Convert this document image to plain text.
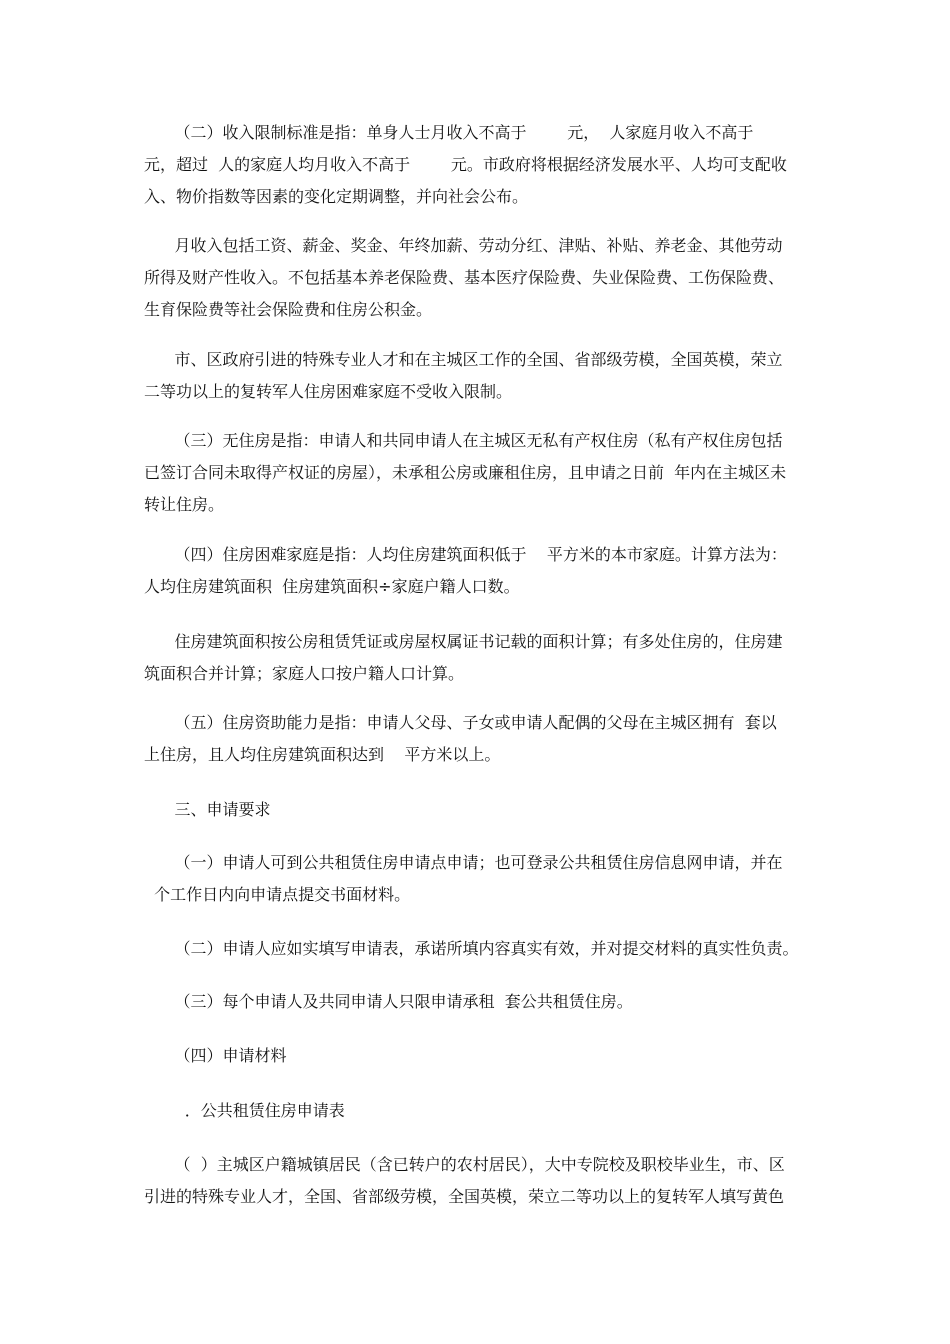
（二）收入限制标准是指：单身人士月收入不高于        元，  人家庭月收入不高于
元，超过  人的家庭人均月收入不高于        元。市政府将根据经济发展水平、人均可支配收
入、物价指数等因素的变化定期调整，并向社会公布。
月收入包括工资、薪金、奖金、年终加薪、劳动分红、津贴、补贴、养老金、其他劳动
所得及财产性收入。不包括基本养老保险费、基本医疗保险费、失业保险费、工伤保险费、
生育保险费等社会保险费和住房公积金。
市、区政府引进的特殊专业人才和在主城区工作的全国、省部级劳模，全国英模，荣立
二等功以上的复转军人住房困难家庭不受收入限制。
（三）无住房是指：申请人和共同申请人在主城区无私有产权住房（私有产权住房包括
已签订合同未取得产权证的房屋），未承租公房或廉租住房，且申请之日前  年内在主城区未
转让住房。
（四）住房困难家庭是指：人均住房建筑面积低于    平方米的本市家庭。计算方法为：
人均住房建筑面积  住房建筑面积÷家庭户籍人口数。
住房建筑面积按公房租赁凭证或房屋权属证书记载的面积计算；有多处住房的，住房建
筑面积合并计算；家庭人口按户籍人口计算。
（五）住房资助能力是指：申请人父母、子女或申请人配偶的父母在主城区拥有  套以
上住房，且人均住房建筑面积达到    平方米以上。
三、申请要求
（一）申请人可到公共租赁住房申请点申请；也可登录公共租赁住房信息网申请，并在
个工作日内向申请点提交书面材料。
（二）申请人应如实填写申请表，承诺所填内容真实有效，并对提交材料的真实性负责。
（三）每个申请人及共同申请人只限申请承租  套公共租赁住房。
（四）申请材料
．公共租赁住房申请表
（  ）主城区户籍城镇居民（含已转户的农村居民），大中专院校及职校毕业生，市、区
引进的特殊专业人才，全国、省部级劳模，全国英模，荣立二等功以上的复转军人填写黄色
